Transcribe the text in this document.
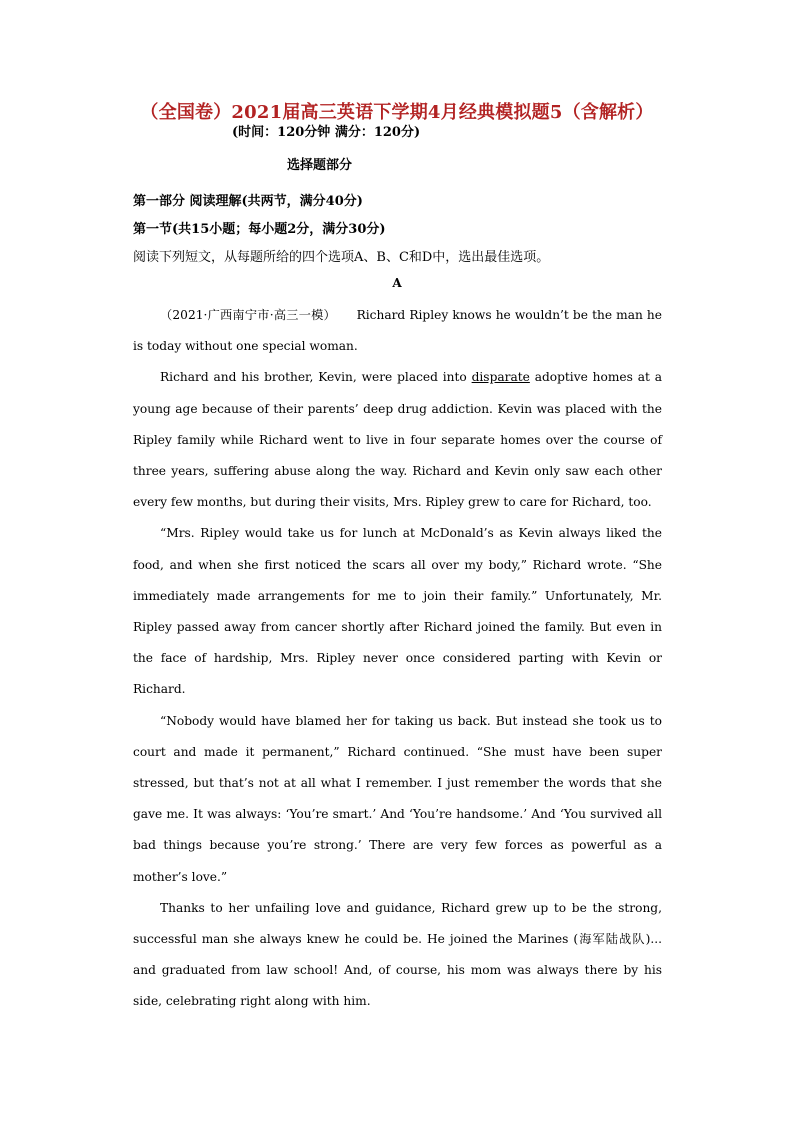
（全国卷）2021届高三英语下学期4月经典模拟题5（含解析）
(时间：120分钟 满分：120分)
选择题部分
第一部分 阅读理解(共两节，满分40分)
第一节(共15小题；每小题2分，满分30分)
阅读下列短文，从每题所给的四个选项A、B、C和D中，选出最佳选项。
A

（2021·广西南宁市·高三一模） Richard Ripley knows he wouldn’t be the man he is today without one special woman.

Richard and his brother, Kevin, were placed into disparate adoptive homes at a young age because of their parents’ deep drug addiction. Kevin was placed with the Ripley family while Richard went to live in four separate homes over the course of three years, suffering abuse along the way. Richard and Kevin only saw each other every few months, but during their visits, Mrs. Ripley grew to care for Richard, too.

“Mrs. Ripley would take us for lunch at McDonald’s as Kevin always liked the food, and when she first noticed the scars all over my body,” Richard wrote. “She immediately made arrangements for me to join their family.” Unfortunately, Mr. Ripley passed away from cancer shortly after Richard joined the family. But even in the face of hardship, Mrs. Ripley never once considered parting with Kevin or Richard.

“Nobody would have blamed her for taking us back. But instead she took us to court and made it permanent,” Richard continued. “She must have been super stressed, but that’s not at all what I remember. I just remember the words that she gave me. It was always: ‘You’re smart.’ And ‘You’re handsome.’ And ‘You survived all bad things because you’re strong.’ There are very few forces as powerful as a mother’s love.”

Thanks to her unfailing love and guidance, Richard grew up to be the strong, successful man she always knew he could be. He joined the Marines (海军陆战队)... and graduated from law school! And, of course, his mom was always there by his side, celebrating right along with him.
